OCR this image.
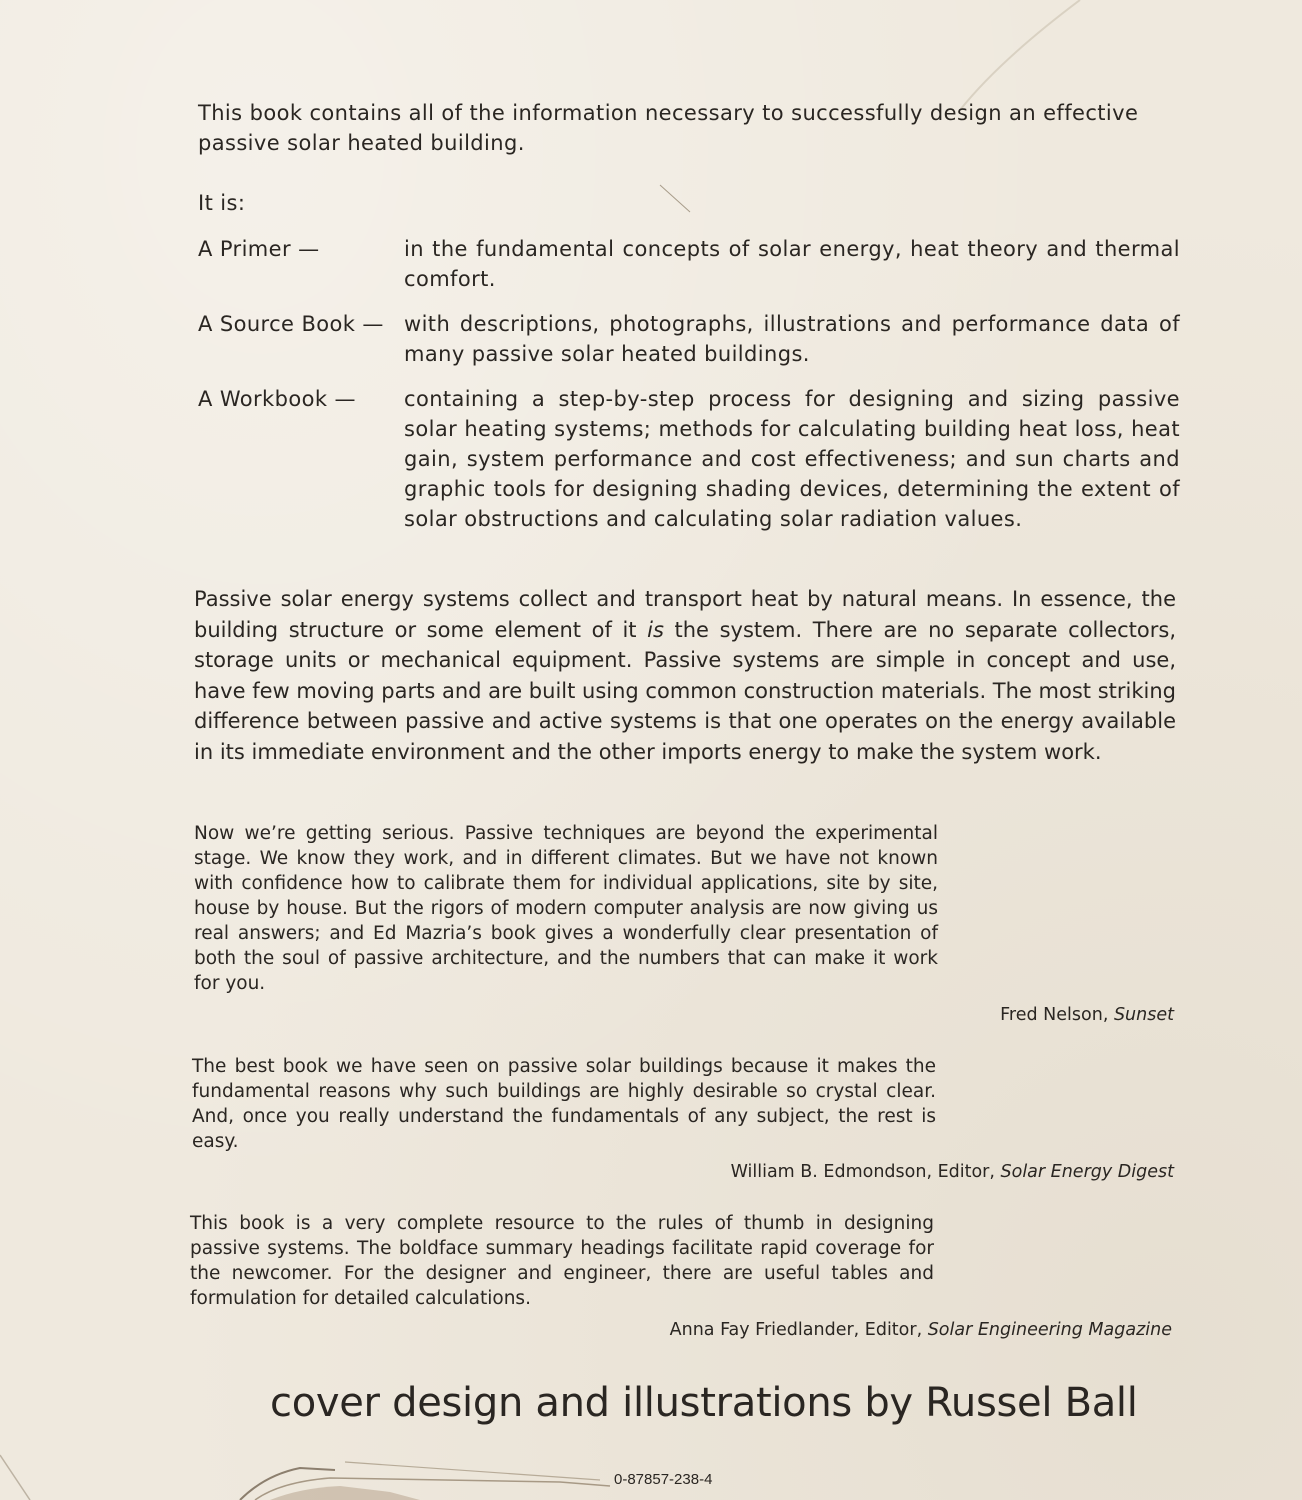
This book contains all of the information necessary to successfully design an effective passive solar heated building.

It is:

A Primer —	in the fundamental concepts of solar energy, heat theory and thermal comfort.
A Source Book — with descriptions, photographs, illustrations and performance data of many passive solar heated buildings.
A Workbook —	containing a step-by-step process for designing and sizing passive solar heating systems; methods for calculating building heat loss, heat gain, system performance and cost effectiveness; and sun charts and graphic tools for designing shading devices, determining the extent of solar obstructions and calculating solar radiation values.

Passive solar energy systems collect and transport heat by natural means. In essence, the building structure or some element of it is the system. There are no separate collectors, storage units or mechanical equipment. Passive systems are simple in concept and use, have few moving parts and are built using common construction materials. The most striking difference between passive and active systems is that one operates on the energy available in its immediate environment and the other imports energy to make the system work.

Now we’re getting serious. Passive techniques are beyond the experimental stage. We know they work, and in different climates. But we have not known with confidence how to calibrate them for individual applications, site by site, house by house. But the rigors of modern computer analysis are now giving us real answers; and Ed Mazria’s book gives a wonderfully clear presentation of both the soul of passive architecture, and the numbers that can make it work for you.

Fred Nelson, Sunset

The best book we have seen on passive solar buildings because it makes the fundamental reasons why such buildings are highly desirable so crystal clear. And, once you really understand the fundamentals of any subject, the rest is easy.

William B. Edmondson, Editor, Solar Energy Digest

This book is a very complete resource to the rules of thumb in designing passive systems. The boldface summary headings facilitate rapid coverage for the newcomer. For the designer and engineer, there are useful tables and formulation for detailed calculations.

Anna Fay Friedlander, Editor, Solar Engineering Magazine

cover design and illustrations by Russel Ball

0-87857-238-4
